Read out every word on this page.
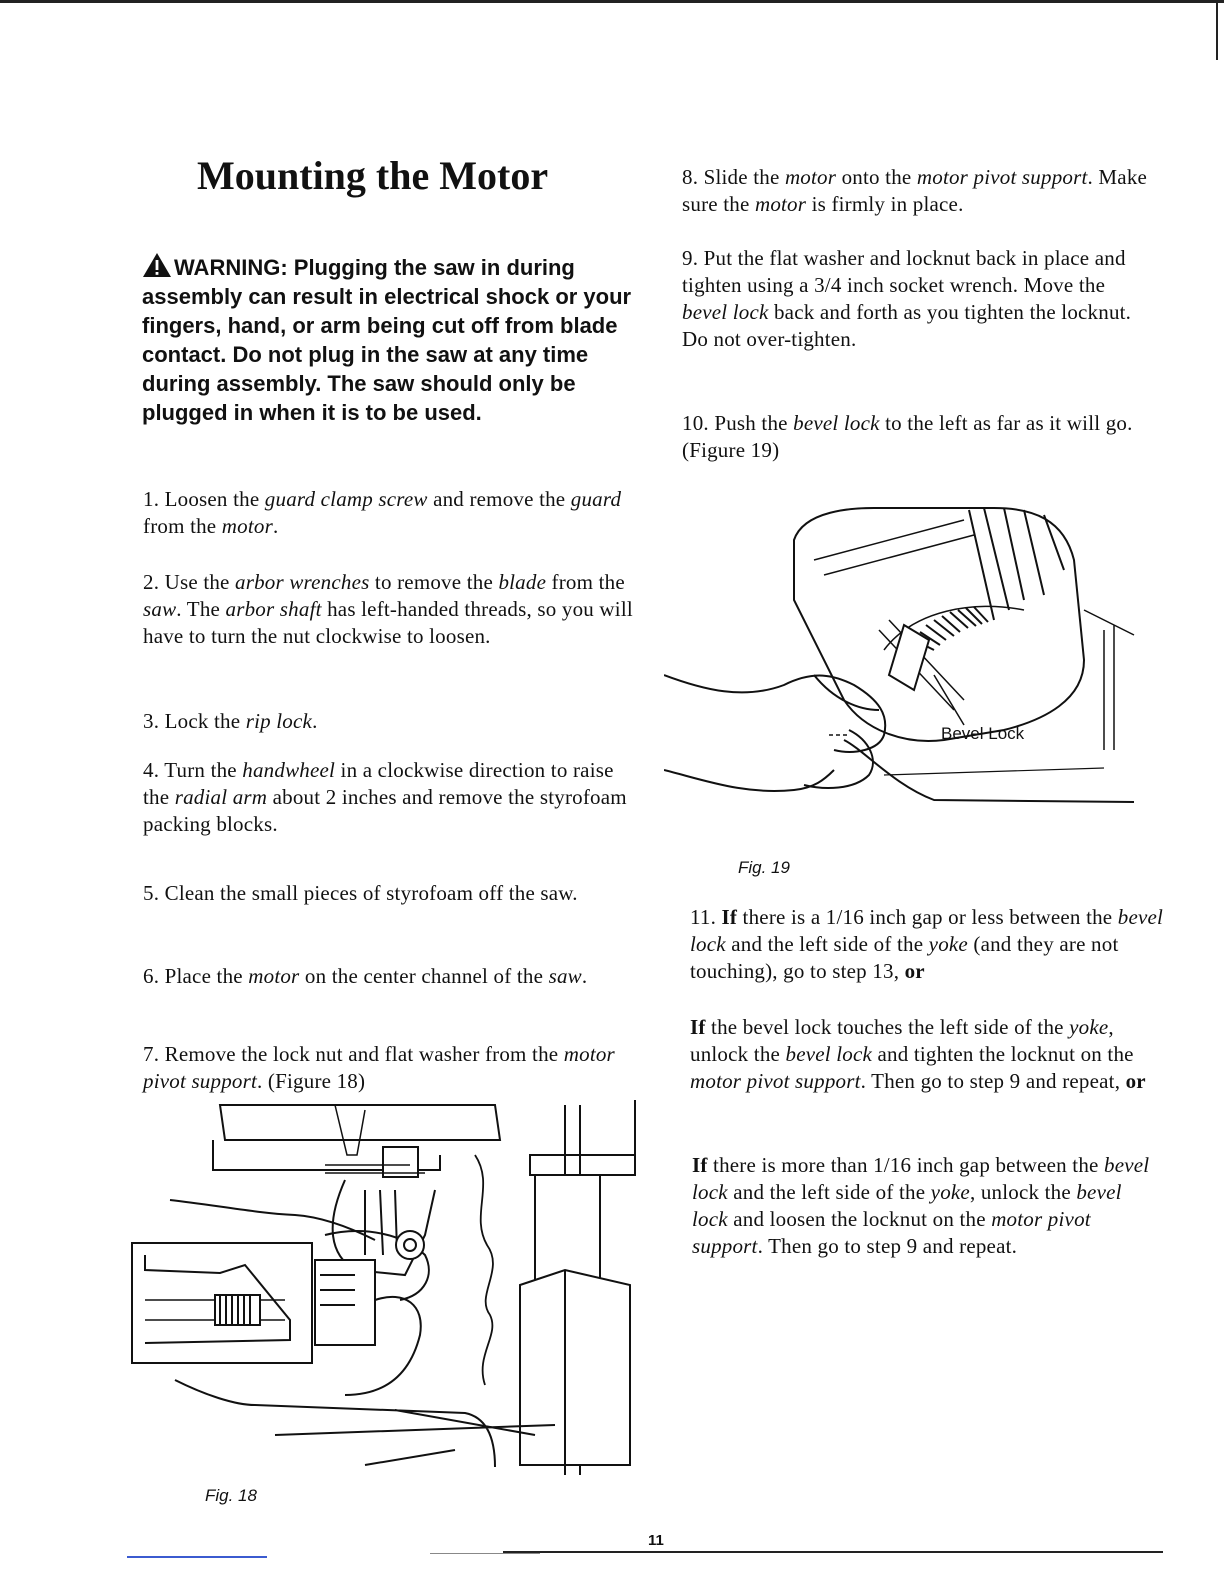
Mounting the Motor

WARNING: Plugging the saw in during assembly can result in electrical shock or your fingers, hand, or arm being cut off from blade contact. Do not plug in the saw at any time during assembly. The saw should only be plugged in when it is to be used.

1. Loosen the guard clamp screw and remove the guard from the motor.

2. Use the arbor wrenches to remove the blade from the saw. The arbor shaft has left-handed threads, so you will have to turn the nut clockwise to loosen.

3. Lock the rip lock.

4. Turn the handwheel in a clockwise direction to raise the radial arm about 2 inches and remove the styrofoam packing blocks.

5. Clean the small pieces of styrofoam off the saw.

6. Place the motor on the center channel of the saw.

7. Remove the lock nut and flat washer from the motor pivot support. (Figure 18)

8. Slide the motor onto the motor pivot support. Make sure the motor is firmly in place.

9. Put the flat washer and locknut back in place and tighten using a 3/4 inch socket wrench. Move the bevel lock back and forth as you tighten the locknut. Do not over-tighten.

10. Push the bevel lock to the left as far as it will go. (Figure 19)

11. If there is a 1/16 inch gap or less between the bevel lock and the left side of the yoke (and they are not touching), go to step 13, or

If the bevel lock touches the left side of the yoke, unlock the bevel lock and tighten the locknut on the motor pivot support. Then go to step 9 and repeat, or

If there is more than 1/16 inch gap between the bevel lock and the left side of the yoke, unlock the bevel lock and loosen the locknut on the motor pivot support. Then go to step 9 and repeat.

Bevel Lock

Fig. 19

Fig. 18

11
